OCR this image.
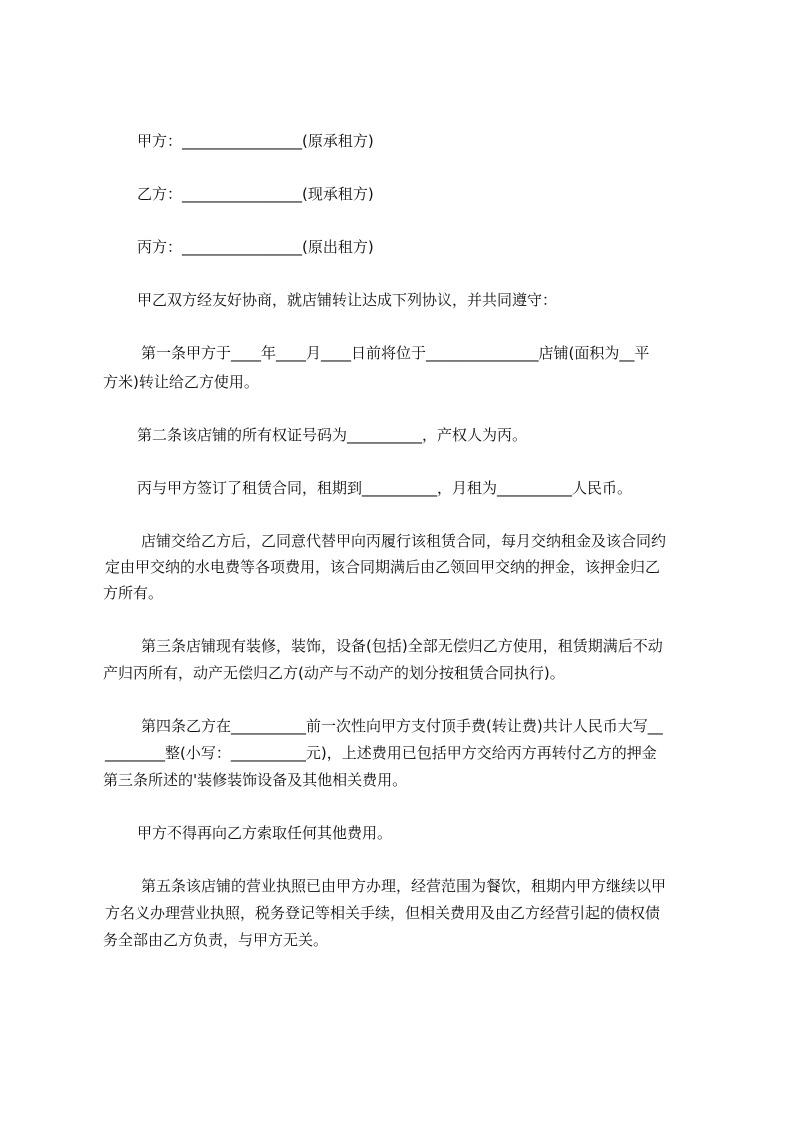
甲方：________________(原承租方)
乙方：________________(现承租方)
丙方：________________(原出租方)
甲乙双方经友好协商，就店铺转让达成下列协议，并共同遵守：
第一条甲方于____年____月____日前将位于_______________店铺(面积为__平
方米)转让给乙方使用。
第二条该店铺的所有权证号码为__________，产权人为丙。
丙与甲方签订了租赁合同，租期到__________，月租为__________人民币。
店铺交给乙方后，乙同意代替甲向丙履行该租赁合同，每月交纳租金及该合同约
定由甲交纳的水电费等各项费用，该合同期满后由乙领回甲交纳的押金，该押金归乙
方所有。
第三条店铺现有装修，装饰，设备(包括)全部无偿归乙方使用，租赁期满后不动
产归丙所有，动产无偿归乙方(动产与不动产的划分按租赁合同执行)。
第四条乙方在__________前一次性向甲方支付顶手费(转让费)共计人民币大写__
________整(小写：__________元)，上述费用已包括甲方交给丙方再转付乙方的押金
第三条所述的'装修装饰设备及其他相关费用。
甲方不得再向乙方索取任何其他费用。
第五条该店铺的营业执照已由甲方办理，经营范围为餐饮，租期内甲方继续以甲
方名义办理营业执照，税务登记等相关手续，但相关费用及由乙方经营引起的债权债
务全部由乙方负责，与甲方无关。
